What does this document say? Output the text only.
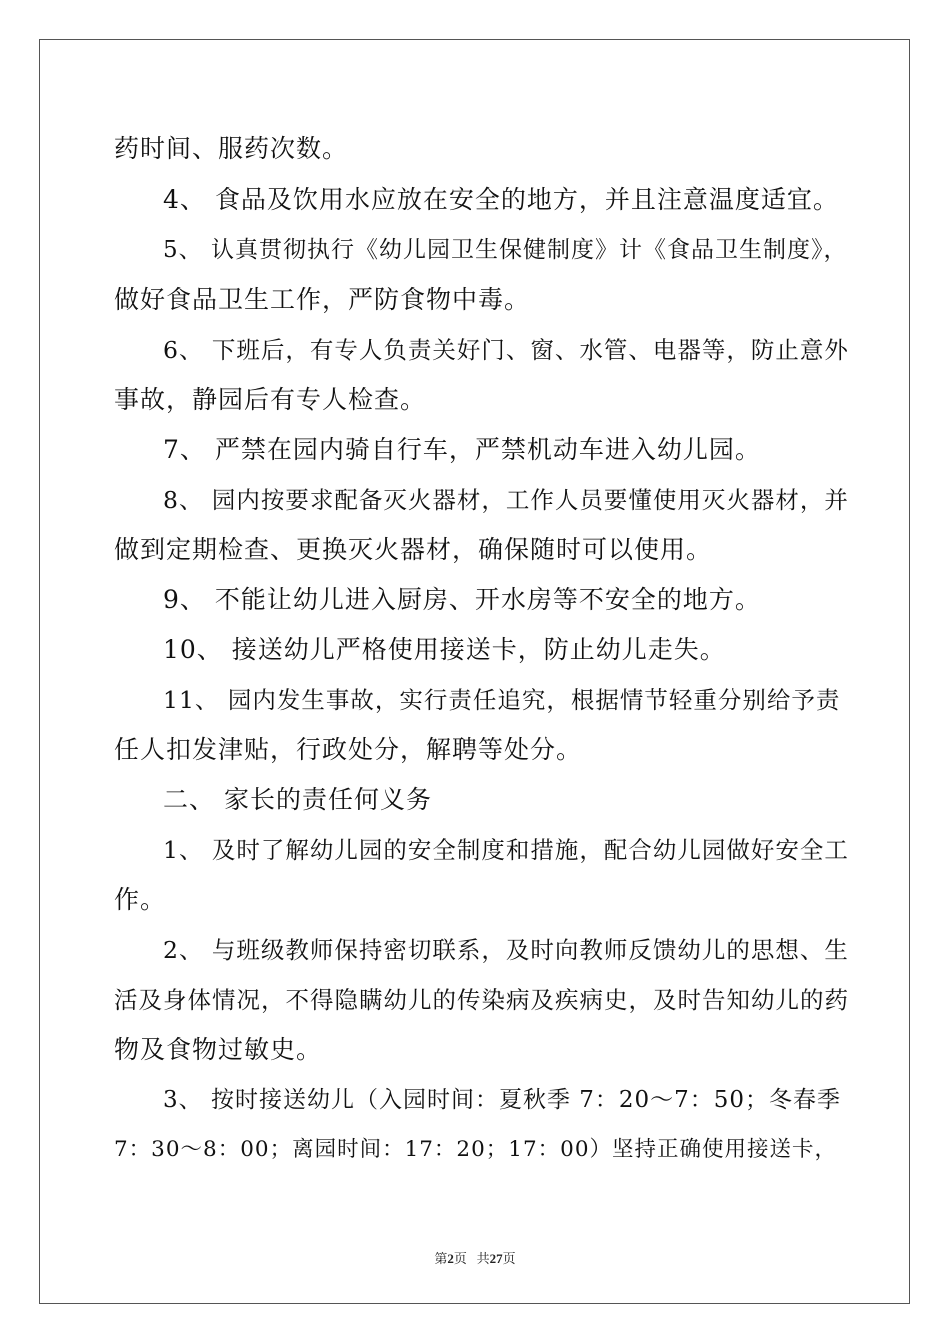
药时间、服药次数。
4、 食品及饮用水应放在安全的地方，并且注意温度适宜。
5、 认真贯彻执行《幼儿园卫生保健制度》计《食品卫生制度》，
做好食品卫生工作，严防食物中毒。
6、 下班后，有专人负责关好门、窗、水管、电器等，防止意外
事故，静园后有专人检查。
7、 严禁在园内骑自行车，严禁机动车进入幼儿园。
8、 园内按要求配备灭火器材，工作人员要懂使用灭火器材，并
做到定期检查、更换灭火器材，确保随时可以使用。
9、 不能让幼儿进入厨房、开水房等不安全的地方。
10、 接送幼儿严格使用接送卡，防止幼儿走失。
11、 园内发生事故，实行责任追究，根据情节轻重分别给予责
任人扣发津贴，行政处分，解聘等处分。
二、 家长的责任何义务
1、 及时了解幼儿园的安全制度和措施，配合幼儿园做好安全工
作。
2、 与班级教师保持密切联系，及时向教师反馈幼儿的思想、生
活及身体情况，不得隐瞒幼儿的传染病及疾病史，及时告知幼儿的药
物及食物过敏史。
3、 按时接送幼儿（入园时间：夏秋季 7：20～7：50；冬春季
7：30～8：00；离园时间：17：20；17：00）坚持正确使用接送卡，
第2页   共27页
